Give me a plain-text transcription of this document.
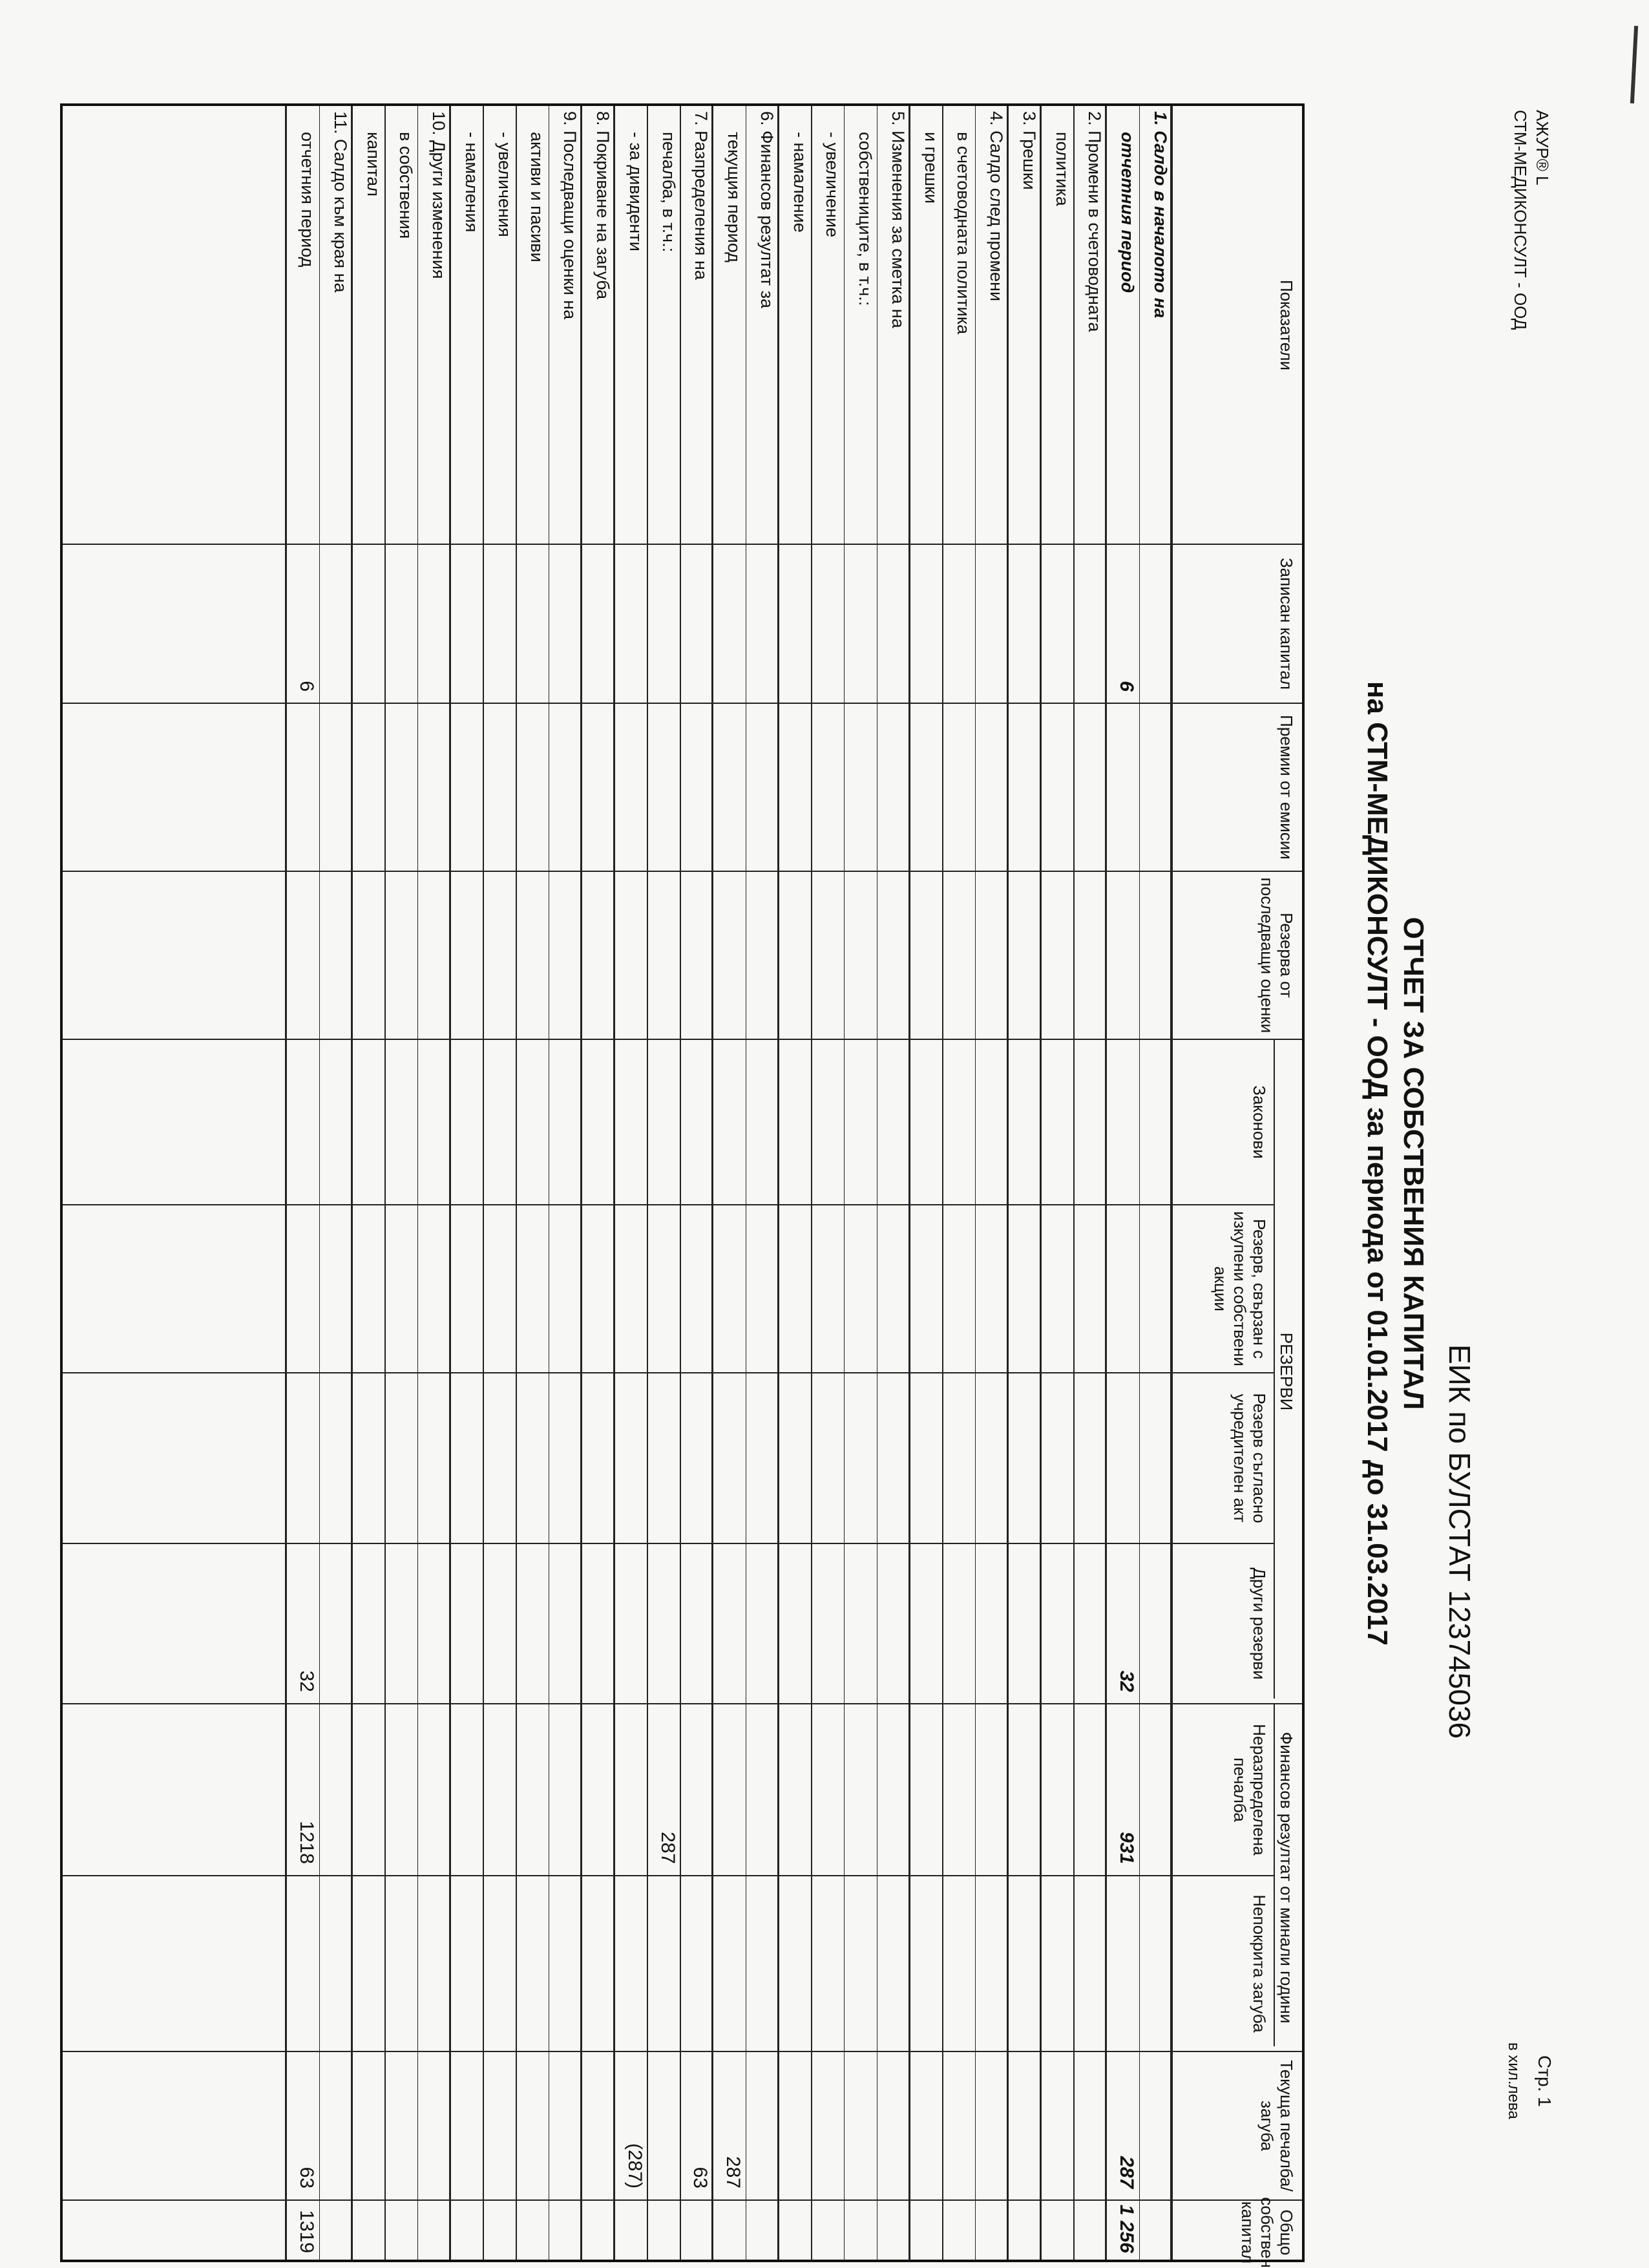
АЖУР® L
СТМ-МЕДИКОНСУЛТ - ООД
ОТЧЕТ ЗА СОБСТВЕНИЯ КАПИТАЛ
на СТМ-МЕДИКОНСУЛТ - ООД за периода от 01.01.2017 до 31.03.2017 ЕИК по БУЛСТАТ 123745036
Стр. 1
в хил.лева
Показатели
Записан капитал
Премии от емисии
Резерва от последващи оценки
РЕЗЕРВИ
Законови
Резерв, свързан с изкупени собствени акции
Резерв съгласно учредителен акт
Други резерви
Финансов резултат от минали години
Неразпределена печалба
Непокрита загуба
Текуща печалба/загуба
Общо собствен капитал
1. Салдо в началото на
отчетния период
6
32
931
287
1 256
2. Промени в счетоводната
политика
3. Грешки
4. Салдо след промени
в счетоводната политика
и грешки
5. Изменения за сметка на
собствениците, в т.ч.:
- увеличение
- намаление
6. Финансов резултат за
текущия период
287
7. Разпределения на
печалба, в т.ч.:
- за дивиденти
287
63
(287)
8. Покриване на загуба
9. Последващи оценки на
активи и пасиви
- увеличения
- намаления
10. Други изменения
в собствения
капитал
11. Салдо към края на
отчетния период
6
32
1218
63
1319
